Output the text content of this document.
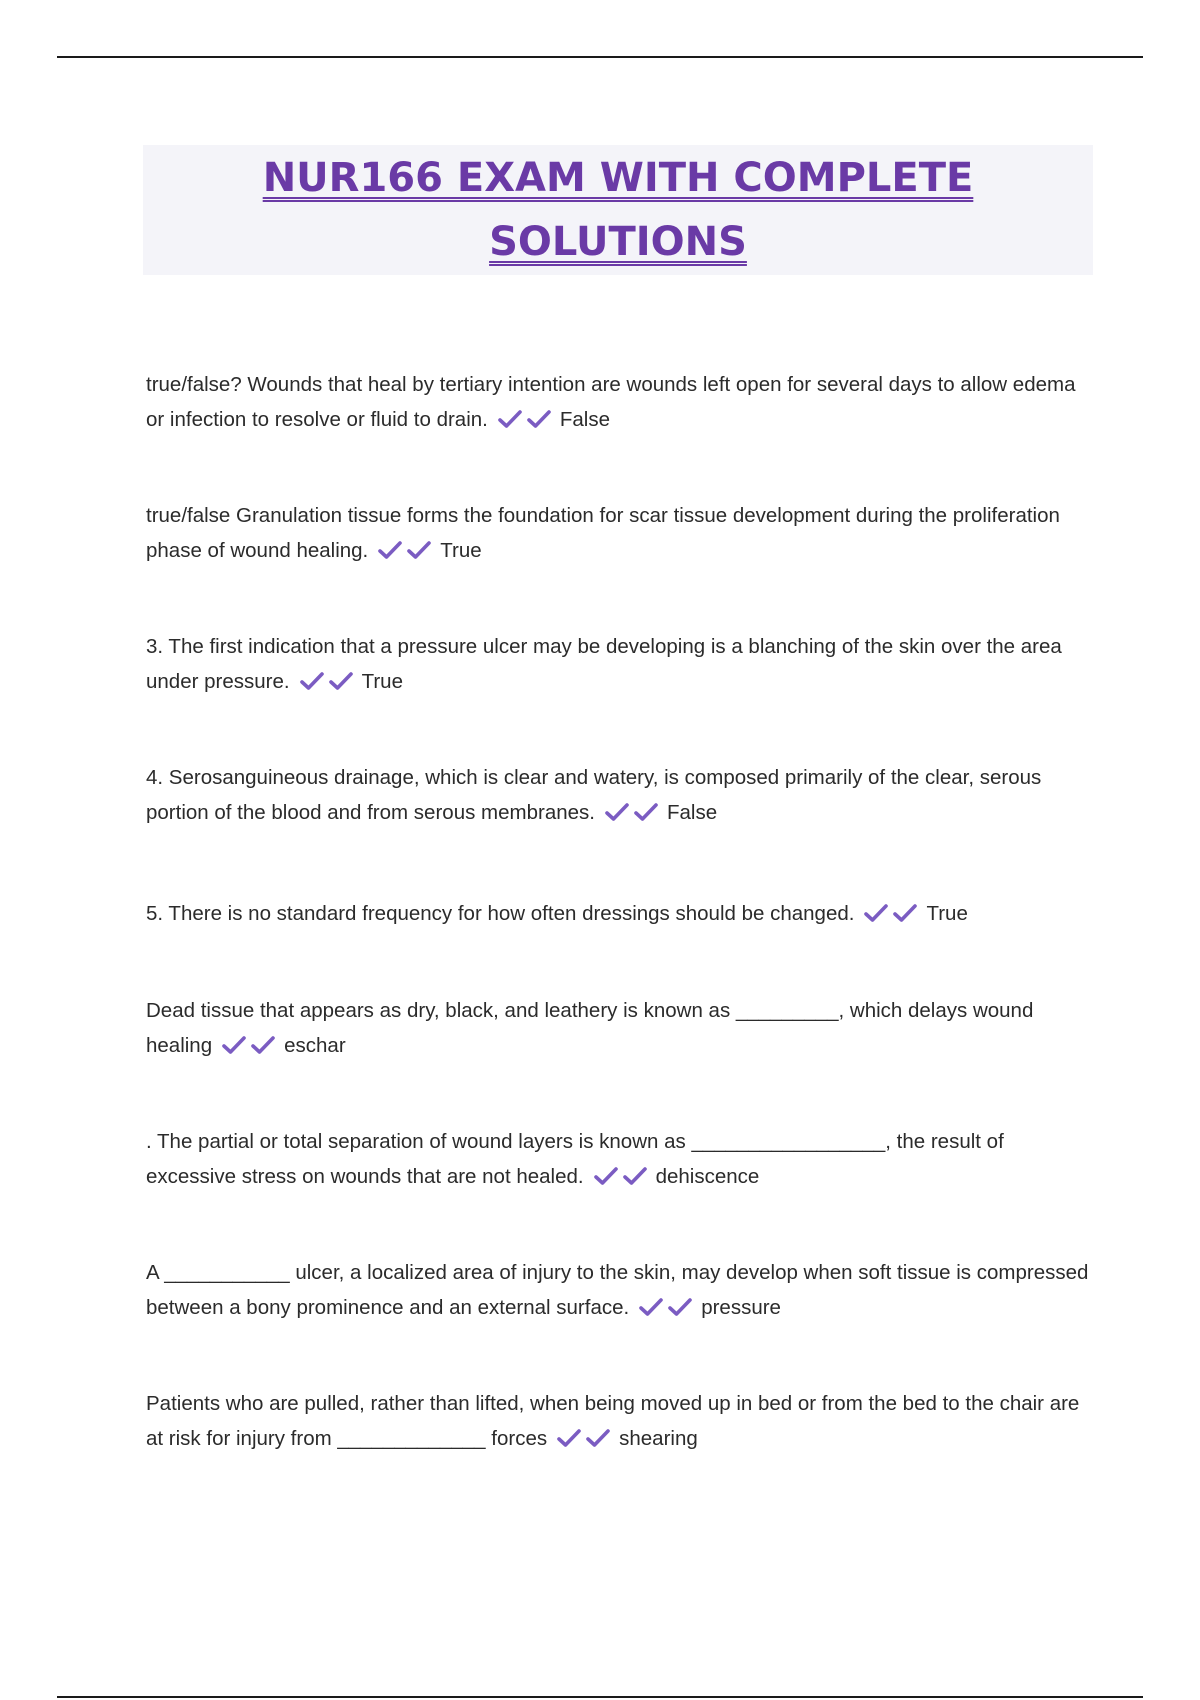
NUR166 EXAM WITH COMPLETE SOLUTIONS
true/false? Wounds that heal by tertiary intention are wounds left open for several days to allow edema or infection to resolve or fluid to drain.	False
true/false Granulation tissue forms the foundation for scar tissue development during the proliferation phase of wound healing.	True
3. The first indication that a pressure ulcer may be developing is a blanching of the skin over the area under pressure.	True
4. Serosanguineous drainage, which is clear and watery, is composed primarily of the clear, serous portion of the blood and from serous membranes.	False
5. There is no standard frequency for how often dressings should be changed.	True
Dead tissue that appears as dry, black, and leathery is known as _________, which delays wound healing	eschar
. The partial or total separation of wound layers is known as _________________, the result of excessive stress on wounds that are not healed.	dehiscence
A ___________ ulcer, a localized area of injury to the skin, may develop when soft tissue is compressed between a bony prominence and an external surface.	pressure
Patients who are pulled, rather than lifted, when being moved up in bed or from the bed to the chair are at risk for injury from _____________ forces	shearing
